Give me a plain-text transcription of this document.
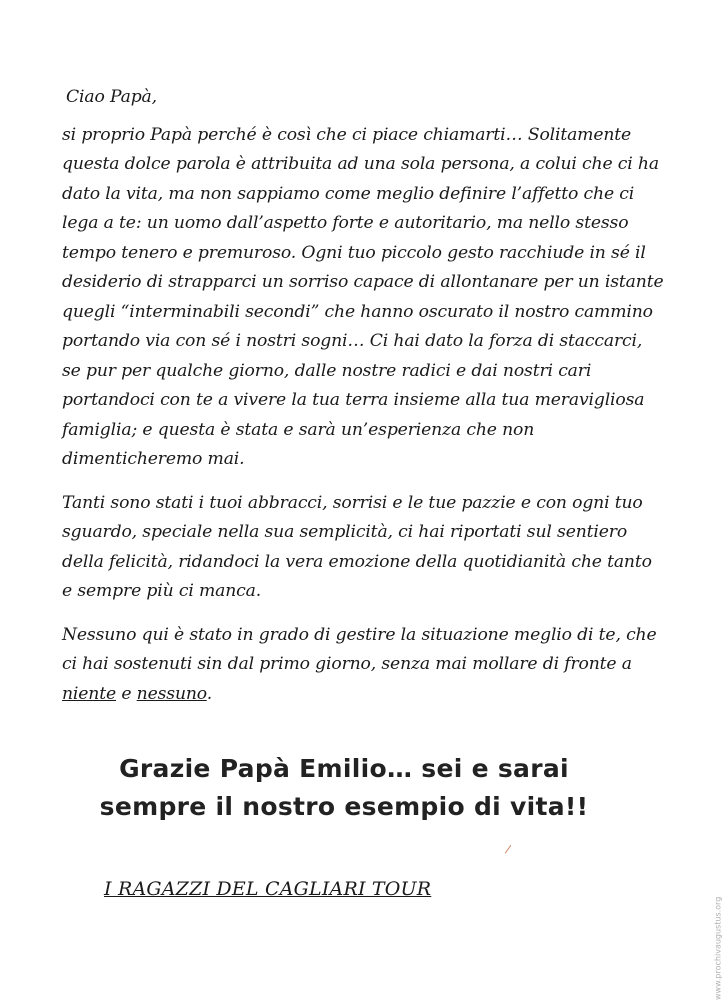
Ciao Papà,
si proprio Papà perché è così che ci piace chiamarti… Solitamente
questa dolce parola è attribuita ad una sola persona, a colui che ci ha
dato la vita, ma non sappiamo come meglio definire l’affetto che ci
lega a te: un uomo dall’aspetto forte e autoritario, ma nello stesso
tempo tenero e premuroso. Ogni tuo piccolo gesto racchiude in sé il
desiderio di strapparci un sorriso capace di allontanare per un istante
quegli “interminabili secondi” che hanno oscurato il nostro cammino
portando via con sé i nostri sogni… Ci hai dato la forza di staccarci,
se pur per qualche giorno, dalle nostre radici e dai nostri cari
portandoci con te a vivere la tua terra insieme alla tua meravigliosa
famiglia; e questa è stata e sarà un’esperienza che non
dimenticheremo mai.
Tanti sono stati i tuoi abbracci, sorrisi e le tue pazzie e con ogni tuo
sguardo, speciale nella sua semplicità, ci hai riportati sul sentiero
della felicità, ridandoci la vera emozione della quotidianità che tanto
e sempre più ci manca.
Nessuno qui è stato in grado di gestire la situazione meglio di te, che
ci hai sostenuti sin dal primo giorno, senza mai mollare di fronte a
niente e nessuno.
Grazie Papà Emilio… sei e sarai
sempre il nostro esempio di vita!!
I RAGAZZI DEL CAGLIARI TOUR
www.prochivaugustus.org
